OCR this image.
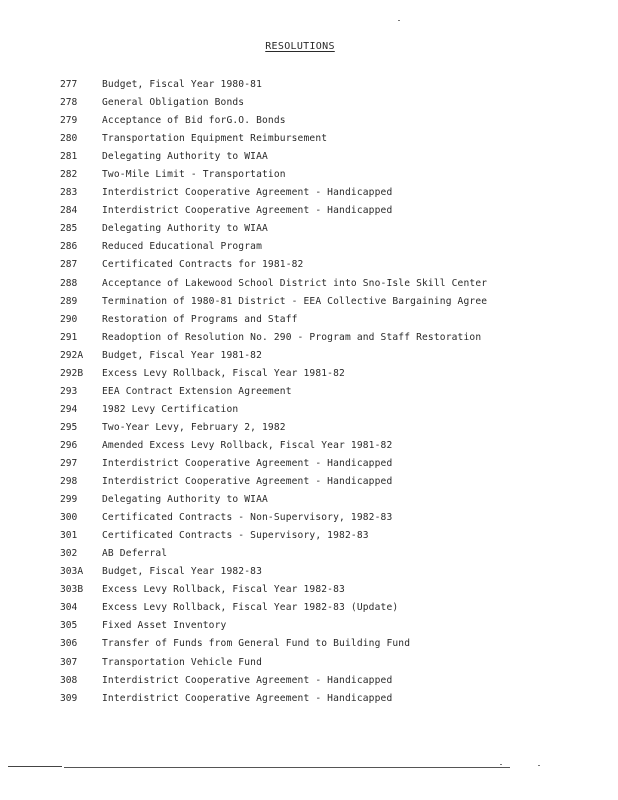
RESOLUTIONS
277	Budget, Fiscal Year 1980-81
278	General Obligation Bonds
279	Acceptance of Bid forG.O. Bonds
280	Transportation Equipment Reimbursement
281	Delegating Authority to WIAA
282	Two-Mile Limit - Transportation
283	Interdistrict Cooperative Agreement - Handicapped
284	Interdistrict Cooperative Agreement - Handicapped
285	Delegating Authority to WIAA
286	Reduced Educational Program
287	Certificated Contracts for 1981-82
288	Acceptance of Lakewood School District into Sno-Isle Skill Center
289	Termination of 1980-81 District - EEA Collective Bargaining Agree
290	Restoration of Programs and Staff
291	Readoption of Resolution No. 290 - Program and Staff Restoration
292A	Budget, Fiscal Year 1981-82
292B	Excess Levy Rollback, Fiscal Year 1981-82
293	EEA Contract Extension Agreement
294	1982 Levy Certification
295	Two-Year Levy, February 2, 1982
296	Amended Excess Levy Rollback, Fiscal Year 1981-82
297	Interdistrict Cooperative Agreement - Handicapped
298	Interdistrict Cooperative Agreement - Handicapped
299	Delegating Authority to WIAA
300	Certificated Contracts - Non-Supervisory, 1982-83
301	Certificated Contracts - Supervisory, 1982-83
302	AB Deferral
303A	Budget, Fiscal Year 1982-83
303B	Excess Levy Rollback, Fiscal Year 1982-83
304	Excess Levy Rollback, Fiscal Year 1982-83 (Update)
305	Fixed Asset Inventory
306	Transfer of Funds from General Fund to Building Fund
307	Transportation Vehicle Fund
308	Interdistrict Cooperative Agreement - Handicapped
309	Interdistrict Cooperative Agreement - Handicapped
